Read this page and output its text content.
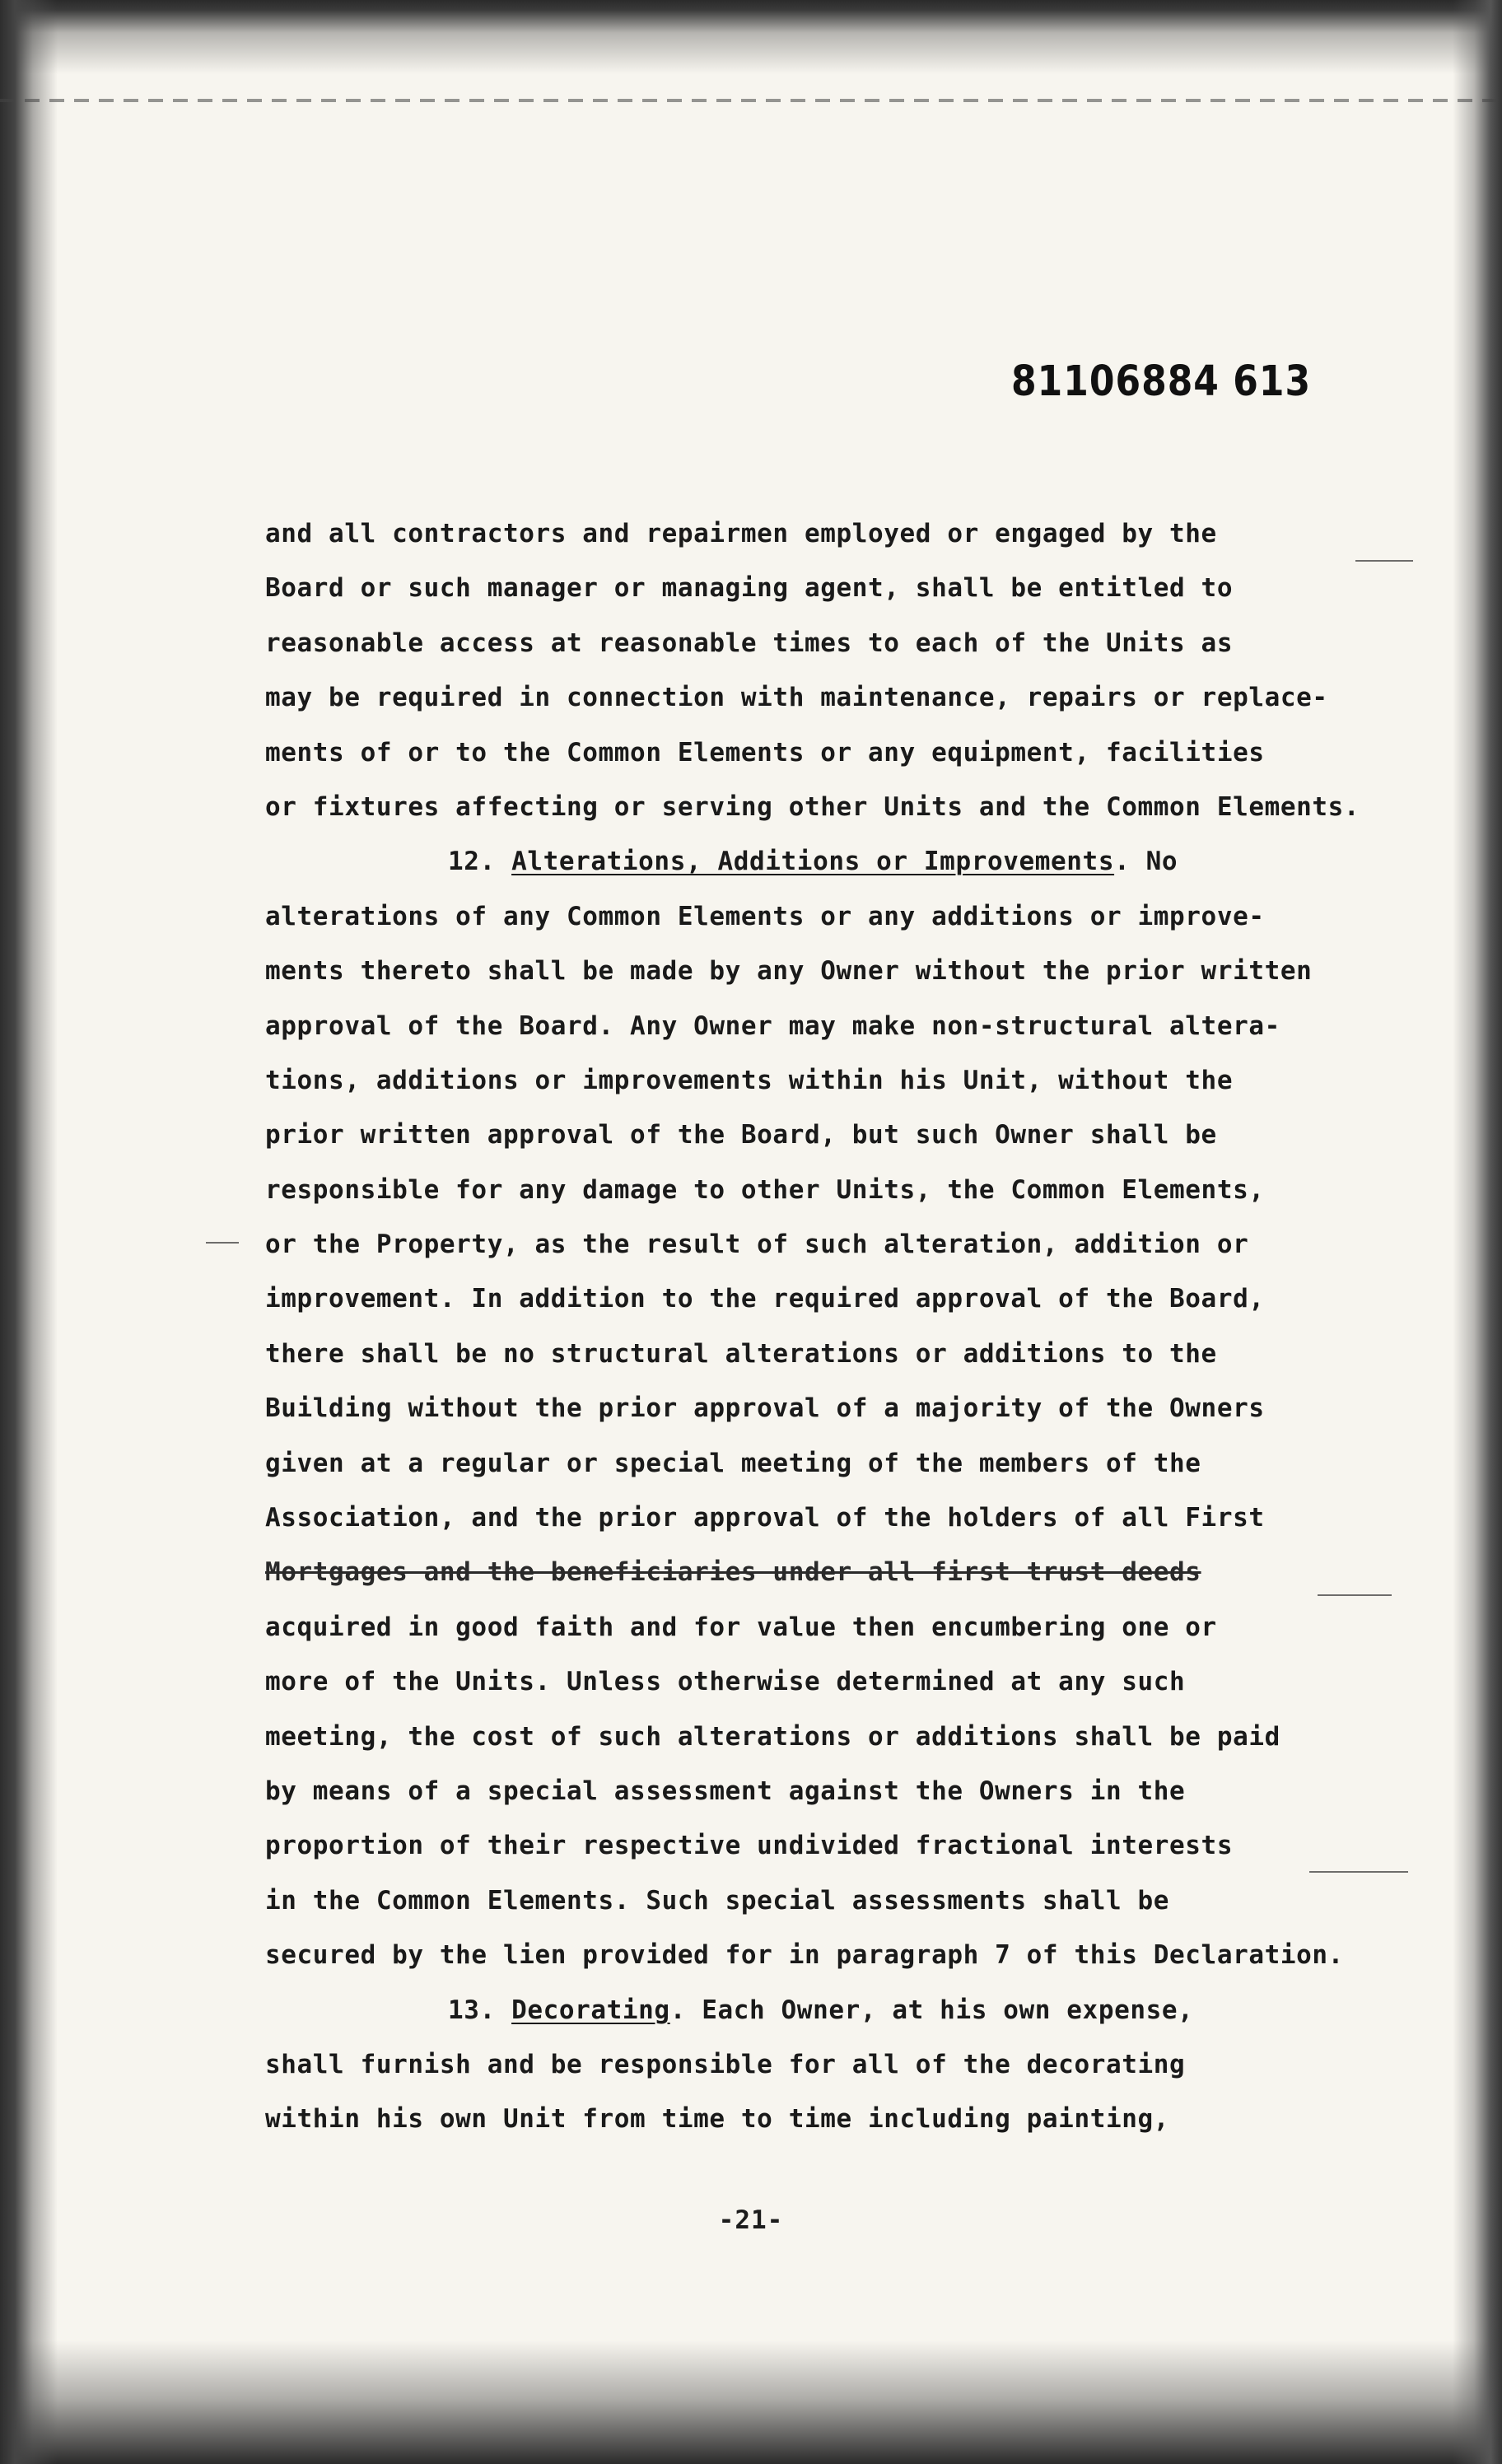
81106884 613
and all contractors and repairmen employed or engaged by the
Board or such manager or managing agent, shall be entitled to
reasonable access at reasonable times to each of the Units as
may be required in connection with maintenance, repairs or replace-
ments of or to the Common Elements or any equipment, facilities
or fixtures affecting or serving other Units and the Common Elements.
12. Alterations, Additions or Improvements. No
alterations of any Common Elements or any additions or improve-
ments thereto shall be made by any Owner without the prior written
approval of the Board. Any Owner may make non-structural altera-
tions, additions or improvements within his Unit, without the
prior written approval of the Board, but such Owner shall be
responsible for any damage to other Units, the Common Elements,
or the Property, as the result of such alteration, addition or
improvement. In addition to the required approval of the Board,
there shall be no structural alterations or additions to the
Building without the prior approval of a majority of the Owners
given at a regular or special meeting of the members of the
Association, and the prior approval of the holders of all First
Mortgages and the beneficiaries under all first trust deeds
acquired in good faith and for value then encumbering one or
more of the Units. Unless otherwise determined at any such
meeting, the cost of such alterations or additions shall be paid
by means of a special assessment against the Owners in the
proportion of their respective undivided fractional interests
in the Common Elements. Such special assessments shall be
secured by the lien provided for in paragraph 7 of this Declaration.
13. Decorating. Each Owner, at his own expense,
shall furnish and be responsible for all of the decorating
within his own Unit from time to time including painting,
-21-
